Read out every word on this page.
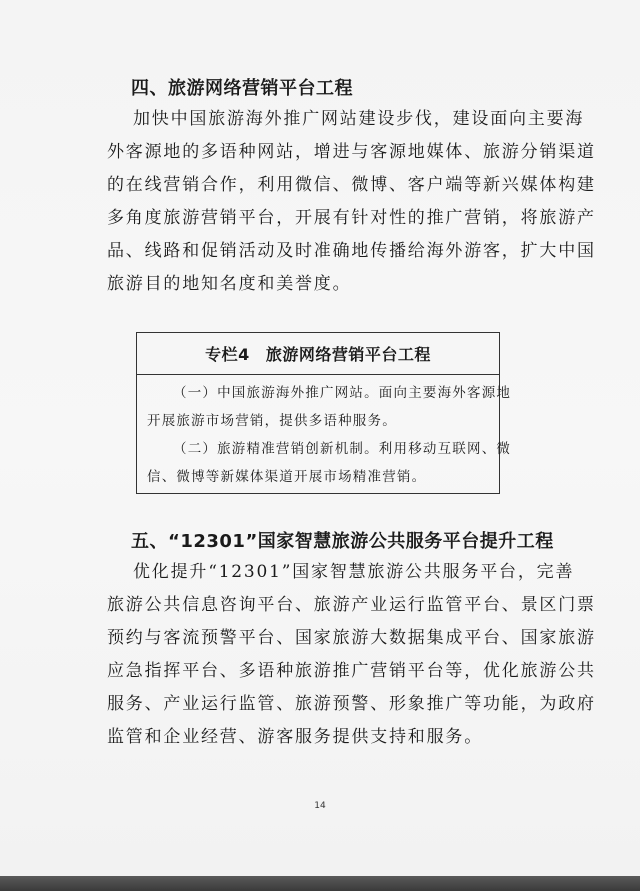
四、旅游网络营销平台工程
加快中国旅游海外推广网站建设步伐，建设面向主要海
外客源地的多语种网站，增进与客源地媒体、旅游分销渠道
的在线营销合作，利用微信、微博、客户端等新兴媒体构建
多角度旅游营销平台，开展有针对性的推广营销，将旅游产
品、线路和促销活动及时准确地传播给海外游客，扩大中国
旅游目的地知名度和美誉度。
专栏4 旅游网络营销平台工程
（一）中国旅游海外推广网站。面向主要海外客源地
开展旅游市场营销，提供多语种服务。
（二）旅游精准营销创新机制。利用移动互联网、微
信、微博等新媒体渠道开展市场精准营销。
五、“12301”国家智慧旅游公共服务平台提升工程
优化提升“12301”国家智慧旅游公共服务平台，完善
旅游公共信息咨询平台、旅游产业运行监管平台、景区门票
预约与客流预警平台、国家旅游大数据集成平台、国家旅游
应急指挥平台、多语种旅游推广营销平台等，优化旅游公共
服务、产业运行监管、旅游预警、形象推广等功能，为政府
监管和企业经营、游客服务提供支持和服务。
14
